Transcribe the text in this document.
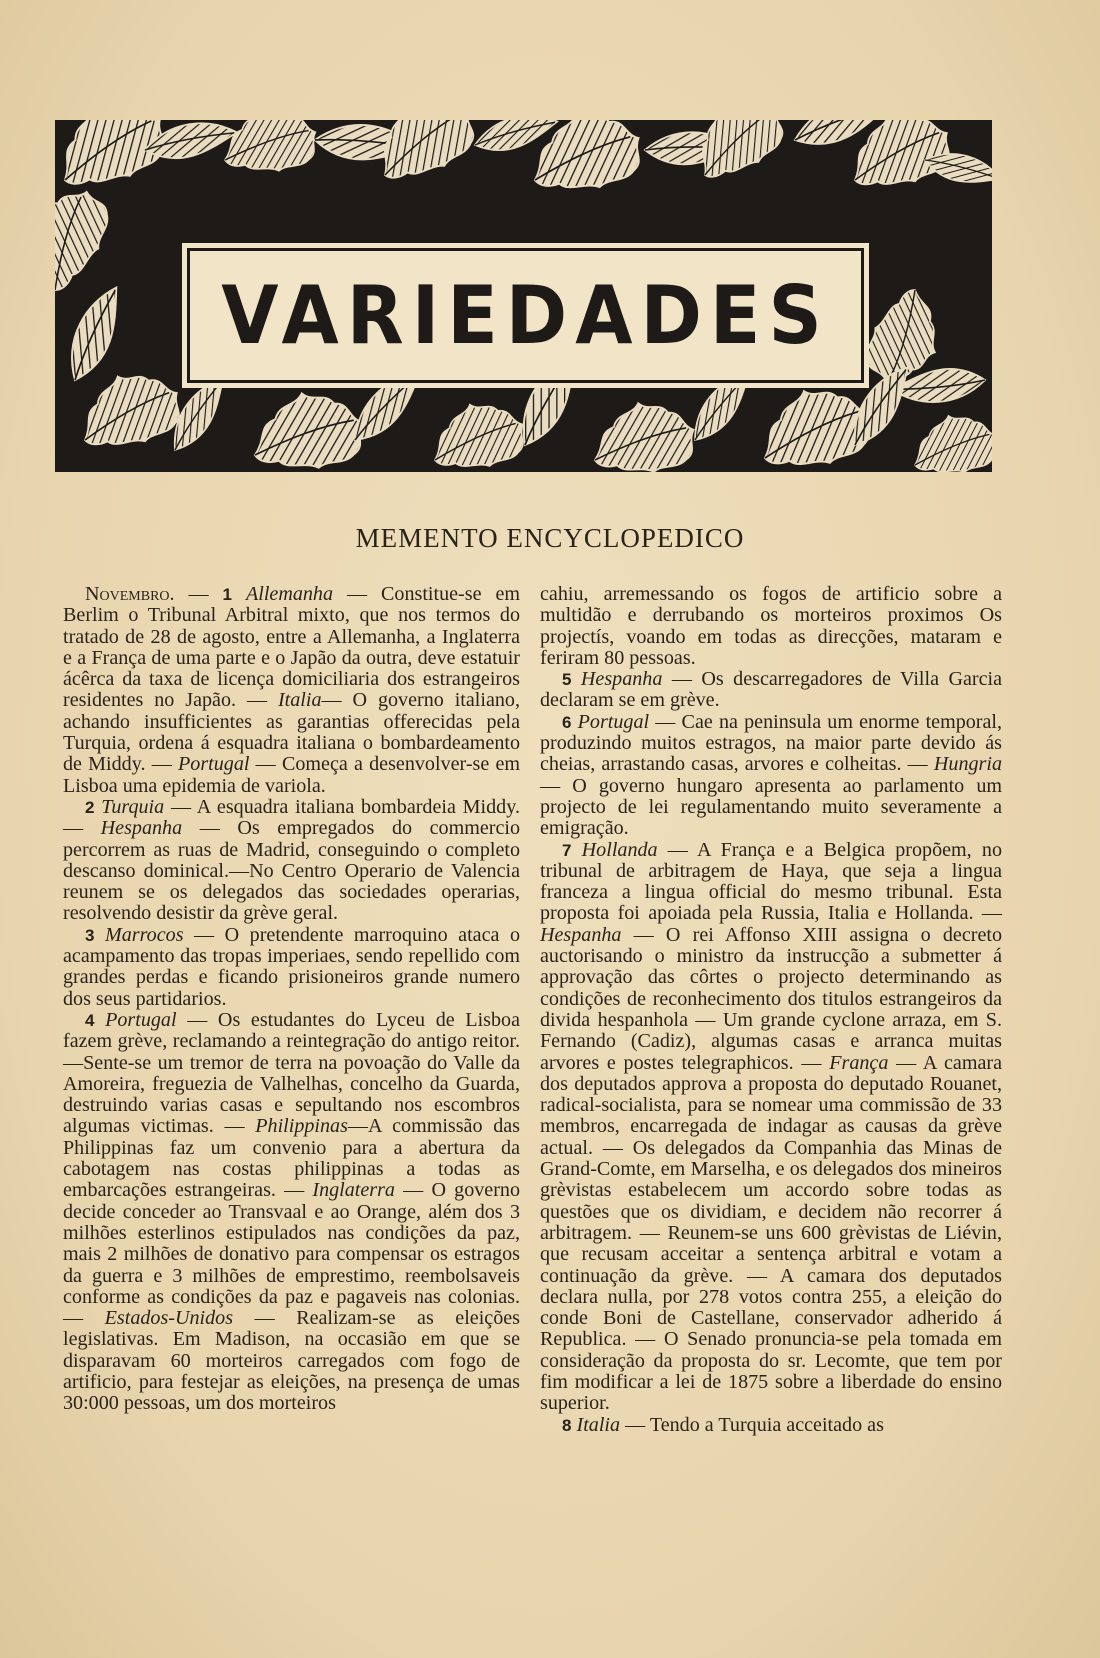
VARIEDADES
MEMENTO ENCYCLOPEDICO

Novembro. — 1 Allemanha — Constitue-se em Berlim o Tribunal Arbitral mixto, que nos termos do tratado de 28 de agosto, entre a Allemanha, a Inglaterra e a França de uma parte e o Japão da outra, deve estatuir ácêrca da taxa de licença domiciliaria dos estrangeiros residentes no Japão. — Italia— O governo italiano, achando insufficientes as garantias offerecidas pela Turquia, ordena á esquadra italiana o bombardeamento de Middy. — Portugal — Começa a desenvolver-se em Lisboa uma epidemia de variola.

2 Turquia — A esquadra italiana bombardeia Middy. — Hespanha — Os empregados do commercio percorrem as ruas de Madrid, conseguindo o completo descanso dominical.—No Centro Operario de Valencia reunem se os delegados das sociedades operarias, resolvendo desistir da grève geral.

3 Marrocos — O pretendente marroquino ataca o acampamento das tropas imperiaes, sendo repellido com grandes perdas e ficando prisioneiros grande numero dos seus partidarios.

4 Portugal — Os estudantes do Lyceu de Lisboa fazem grève, reclamando a reintegração do antigo reitor.—Sente-se um tremor de terra na povoação do Valle da Amoreira, freguezia de Valhelhas, concelho da Guarda, destruindo varias casas e sepultando nos escombros algumas victimas. — Philippinas—A commissão das Philippinas faz um convenio para a abertura da cabotagem nas costas philippinas a todas as embarcações estrangeiras. — Inglaterra — O governo decide conceder ao Transvaal e ao Orange, além dos 3 milhões esterlinos estipulados nas condições da paz, mais 2 milhões de donativo para compensar os estragos da guerra e 3 milhões de emprestimo, reembolsaveis conforme as condições da paz e pagaveis nas colonias. — Estados-Unidos — Realizam-se as eleições legislativas. Em Madison, na occasião em que se disparavam 60 morteiros carregados com fogo de artificio, para festejar as eleições, na presença de umas 30:000 pessoas, um dos morteiros

cahiu, arremessando os fogos de artificio sobre a multidão e derrubando os morteiros proximos Os projectís, voando em todas as direcções, mataram e feriram 80 pessoas.

5 Hespanha — Os descarregadores de Villa Garcia declaram se em grève.

6 Portugal — Cae na peninsula um enorme temporal, produzindo muitos estragos, na maior parte devido ás cheias, arrastando casas, arvores e colheitas. — Hungria — O governo hungaro apresenta ao parlamento um projecto de lei regulamentando muito severamente a emigração.

7 Hollanda — A França e a Belgica propõem, no tribunal de arbitragem de Haya, que seja a lingua franceza a lingua official do mesmo tribunal. Esta proposta foi apoiada pela Russia, Italia e Hollanda. — Hespanha — O rei Affonso XIII assigna o decreto auctorisando o ministro da instrucção a submetter á approvação das côrtes o projecto determinando as condições de reconhecimento dos titulos estrangeiros da divida hespanhola — Um grande cyclone arraza, em S. Fernando (Cadiz), algumas casas e arranca muitas arvores e postes telegraphicos. — França — A camara dos deputados approva a proposta do deputado Rouanet, radical-socialista, para se nomear uma commissão de 33 membros, encarregada de indagar as causas da grève actual. — Os delegados da Companhia das Minas de Grand-Comte, em Marselha, e os delegados dos mineiros grèvistas estabelecem um accordo sobre todas as questões que os dividiam, e decidem não recorrer á arbitragem. — Reunem-se uns 600 grèvistas de Liévin, que recusam acceitar a sentença arbitral e votam a continuação da grève. — A camara dos deputados declara nulla, por 278 votos contra 255, a eleição do conde Boni de Castellane, conservador adherido á Republica. — O Senado pronuncia-se pela tomada em consideração da proposta do sr. Lecomte, que tem por fim modificar a lei de 1875 sobre a liberdade do ensino superior.

8 Italia — Tendo a Turquia acceitado as
